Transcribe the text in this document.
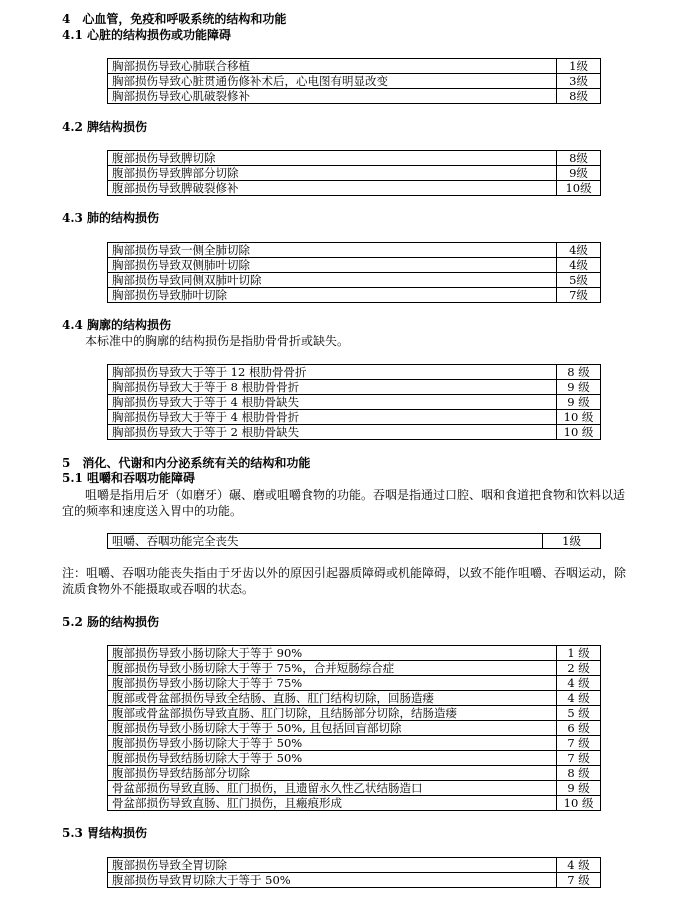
4　心血管，免疫和呼吸系统的结构和功能
4.1 心脏的结构损伤或功能障碍
胸部损伤导致心肺联合移植	1级
胸部损伤导致心脏贯通伤修补术后，心电图有明显改变	3级
胸部损伤导致心肌破裂修补	8级
4.2 脾结构损伤
腹部损伤导致脾切除	8级
腹部损伤导致脾部分切除	9级
腹部损伤导致脾破裂修补	10级
4.3 肺的结构损伤
胸部损伤导致一侧全肺切除	4级
胸部损伤导致双侧肺叶切除	4级
胸部损伤导致同侧双肺叶切除	5级
胸部损伤导致肺叶切除	7级
4.4 胸廓的结构损伤
本标准中的胸廓的结构损伤是指肋骨骨折或缺失。
胸部损伤导致大于等于 12 根肋骨骨折	8 级
胸部损伤导致大于等于 8 根肋骨骨折	9 级
胸部损伤导致大于等于 4 根肋骨缺失	9 级
胸部损伤导致大于等于 4 根肋骨骨折	10 级
胸部损伤导致大于等于 2 根肋骨缺失	10 级
5　消化、代谢和内分泌系统有关的结构和功能
5.1 咀嚼和吞咽功能障碍
咀嚼是指用后牙（如磨牙）碾、磨或咀嚼食物的功能。吞咽是指通过口腔、咽和食道把食物和饮料以适
宜的频率和速度送入胃中的功能。
咀嚼、吞咽功能完全丧失	1级
注：咀嚼、吞咽功能丧失指由于牙齿以外的原因引起器质障碍或机能障碍，以致不能作咀嚼、吞咽运动，除
流质食物外不能摄取或吞咽的状态。
5.2 肠的结构损伤
腹部损伤导致小肠切除大于等于 90%	1 级
腹部损伤导致小肠切除大于等于 75%，合并短肠综合症	2 级
腹部损伤导致小肠切除大于等于 75%	4 级
腹部或骨盆部损伤导致全结肠、直肠、肛门结构切除，回肠造瘘	4 级
腹部或骨盆部损伤导致直肠、肛门切除，且结肠部分切除，结肠造瘘	5 级
腹部损伤导致小肠切除大于等于 50%, 且包括回盲部切除	6 级
腹部损伤导致小肠切除大于等于 50%	7 级
腹部损伤导致结肠切除大于等于 50%	7 级
腹部损伤导致结肠部分切除	8 级
骨盆部损伤导致直肠、肛门损伤，且遗留永久性乙状结肠造口	9 级
骨盆部损伤导致直肠、肛门损伤，且瘢痕形成	10 级
5.3 胃结构损伤
腹部损伤导致全胃切除	4 级
腹部损伤导致胃切除大于等于 50%	7 级
